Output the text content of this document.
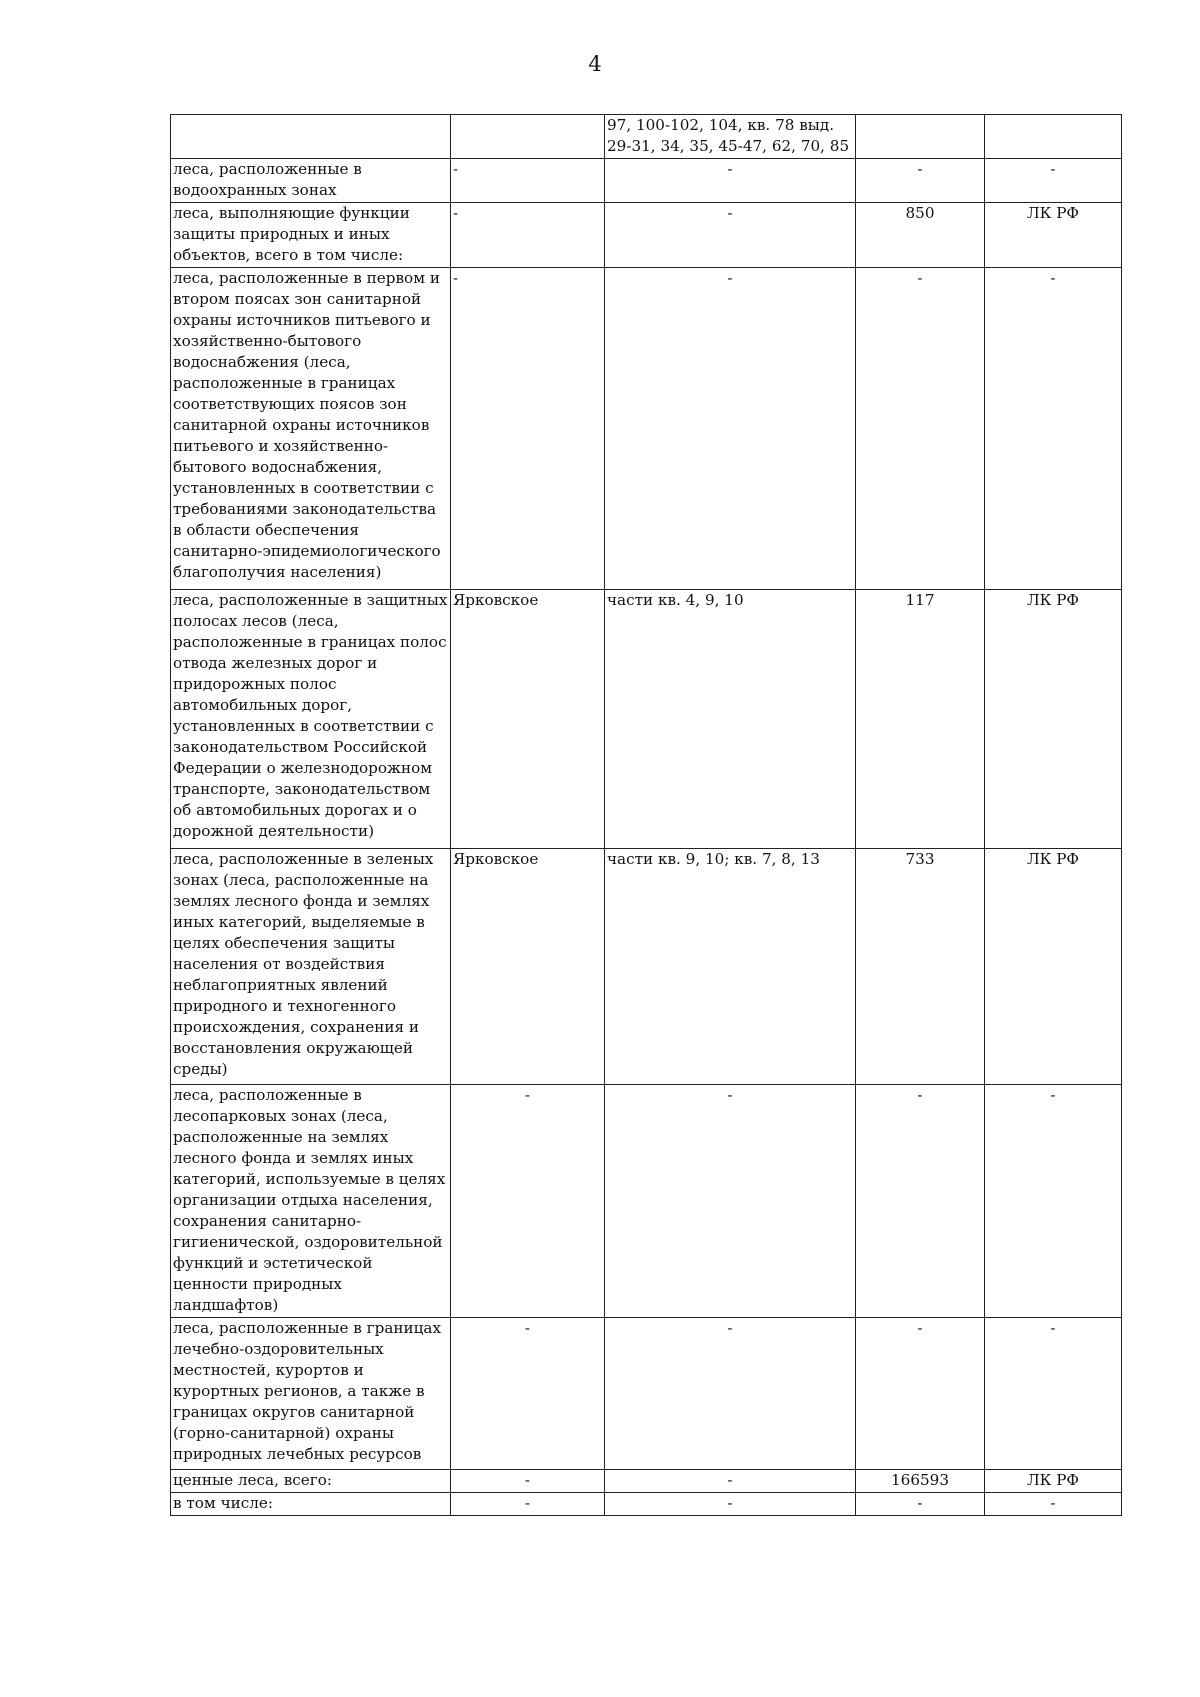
4
		97, 100-102, 104, кв. 78 выд. 29-31, 34, 35, 45-47, 62, 70, 85		
леса, расположенные в водоохранных зонах	-	-	-	-
леса, выполняющие функции защиты природных и иных объектов, всего в том числе:	-	-	850	ЛК РФ
леса, расположенные в первом и втором поясах зон санитарной охраны источников питьевого и хозяйственно-бытового водоснабжения (леса, расположенные в границах соответствующих поясов зон санитарной охраны источников питьевого и хозяйственно-бытового водоснабжения, установленных в соответствии с требованиями законодательства в области обеспечения санитарно-эпидемиологического благополучия населения)	-	-	-	-
леса, расположенные в защитных полосах лесов (леса, расположенные в границах полос отвода железных дорог и придорожных полос автомобильных дорог, установленных в соответствии с законодательством Российской Федерации о железнодорожном транспорте, законодательством об автомобильных дорогах и о дорожной деятельности)	Ярковское	части кв. 4, 9, 10	117	ЛК РФ
леса, расположенные в зеленых зонах (леса, расположенные на землях лесного фонда и землях иных категорий, выделяемые в целях обеспечения защиты населения от воздействия неблагоприятных явлений природного и техногенного происхождения, сохранения и восстановления окружающей среды)	Ярковское	части кв. 9, 10; кв. 7, 8, 13	733	ЛК РФ
леса, расположенные в лесопарковых зонах (леса, расположенные на землях лесного фонда и землях иных категорий, используемые в целях организации отдыха населения, сохранения санитарно-гигиенической, оздоровительной функций и эстетической ценности природных ландшафтов)	-	-	-	-
леса, расположенные в границах лечебно-оздоровительных местностей, курортов и курортных регионов, а также в границах округов санитарной (горно-санитарной) охраны природных лечебных ресурсов	-	-	-	-
ценные леса, всего:	-	-	166593	ЛК РФ
в том числе:	-	-	-	-
